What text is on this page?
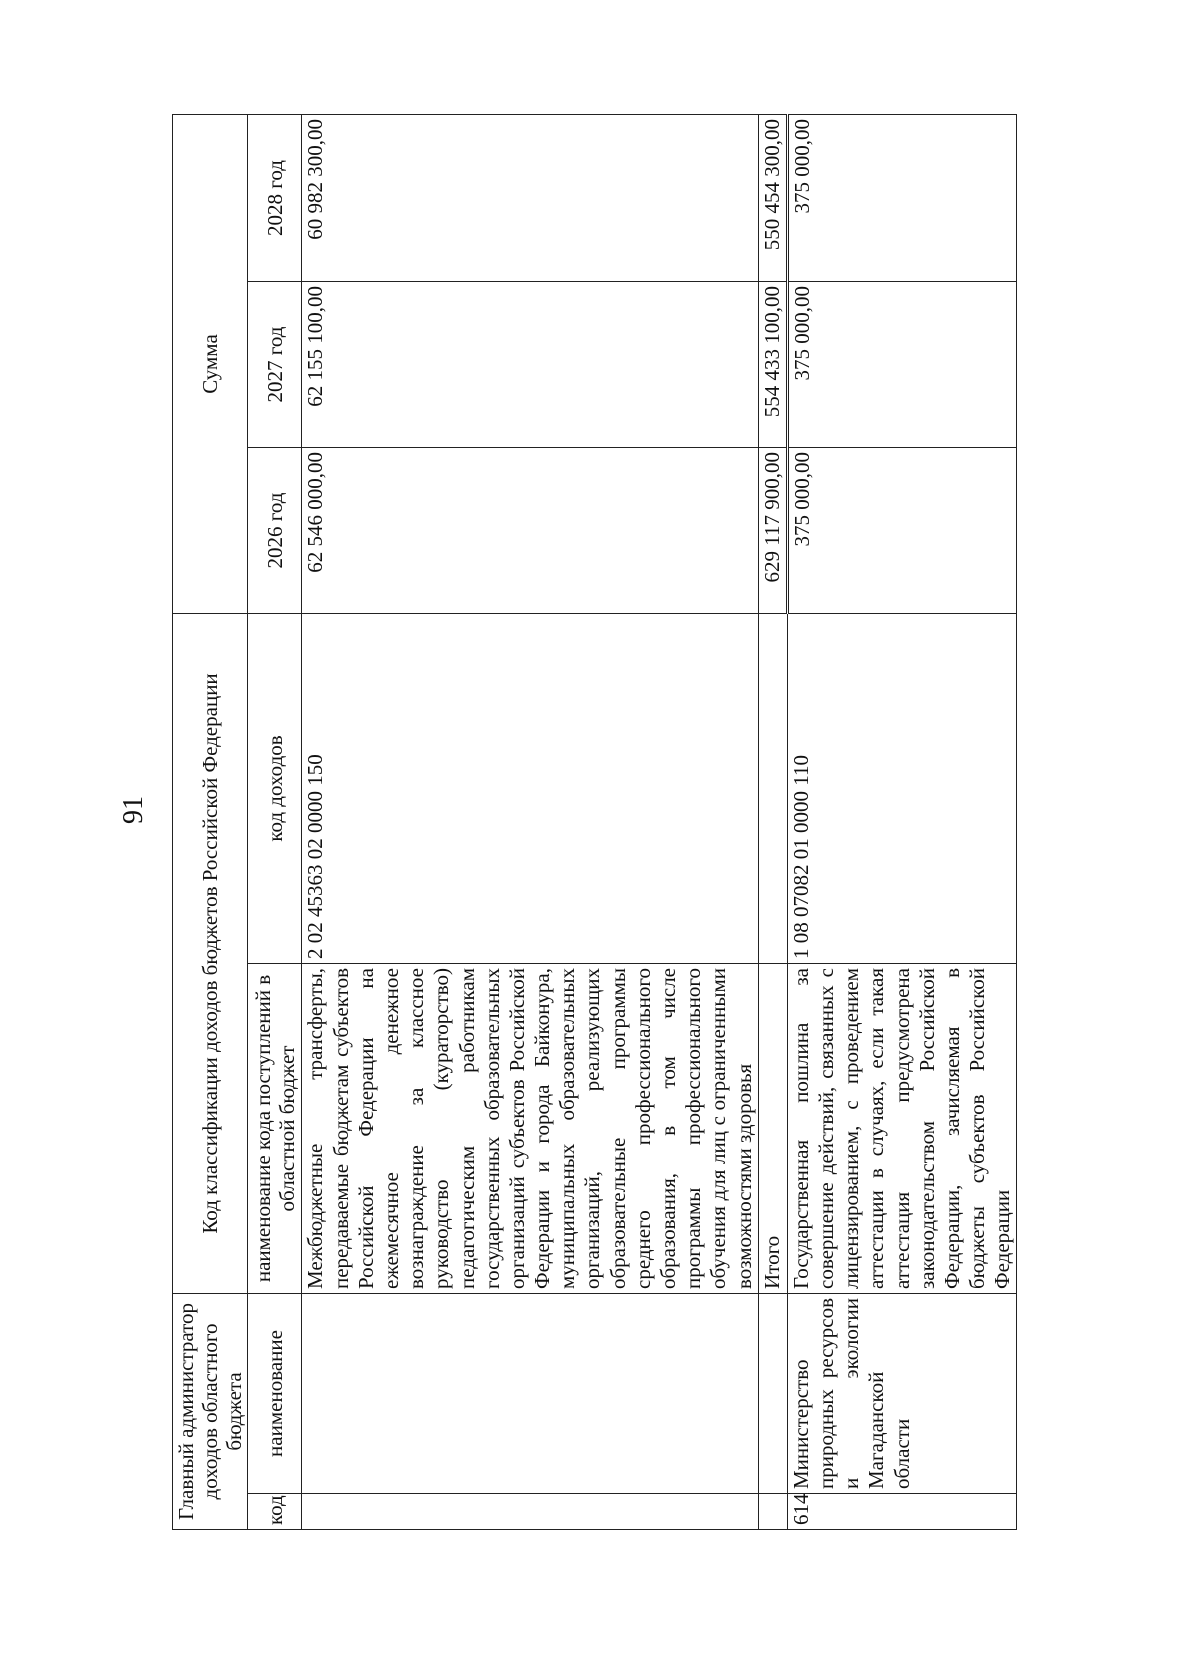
91
Главный администратор доходов областного бюджета		Код классификации доходов бюджетов Российской Федерации		Сумма		
код	наименование	наименование кода поступлений в областной бюджет	код доходов	2026 год	2027 год	2028 год
		Межбюджетные трансферты, передаваемые бюджетам субъектов Российской Федерации на ежемесячное денежное вознаграждение за классное руководство (кураторство) педагогическим работникам государственных образовательных организаций субъектов Российской Федерации и города Байконура, муниципальных образовательных организаций, реализующих образовательные программы среднего профессионального образования, в том числе программы профессионального обучения для лиц с ограниченными возможностями здоровья	2 02 45363 02 0000 150	62 546 000,00	62 155 100,00	60 982 300,00
		Итого		629 117 900,00	554 433 100,00	550 454 300,00
614	Министерство природных ресурсов и экологии Магаданской области	Государственная пошлина за совершение действий, связанных с лицензированием, с проведением аттестации в случаях, если такая аттестация предусмотрена законодательством Российской Федерации, зачисляемая в бюджеты субъектов Российской Федерации	1 08 07082 01 0000 110	375 000,00	375 000,00	375 000,00
